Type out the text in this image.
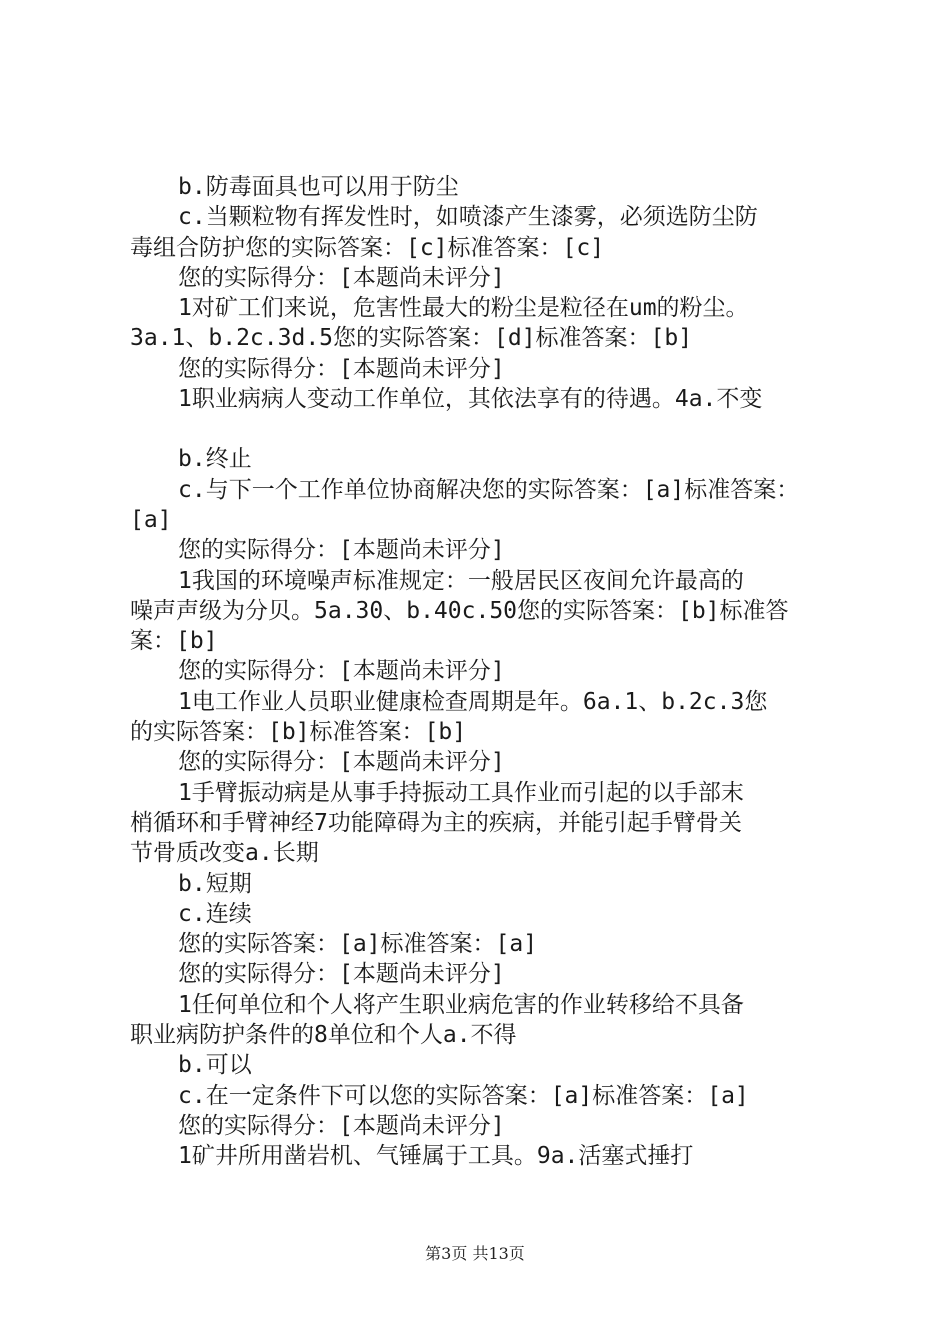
b.防毒面具也可以用于防尘

c.当颗粒物有挥发性时，如喷漆产生漆雾，必须选防尘防

毒组合防护您的实际答案：[c]标准答案：[c]

您的实际得分：[本题尚未评分]

1对矿工们来说，危害性最大的粉尘是粒径在um的粉尘。

3a.1、b.2c.3d.5您的实际答案：[d]标准答案：[b]

您的实际得分：[本题尚未评分]

1职业病病人变动工作单位，其依法享有的待遇。4a.不变

b.终止

c.与下一个工作单位协商解决您的实际答案：[a]标准答案：

[a]

您的实际得分：[本题尚未评分]

1我国的环境噪声标准规定：一般居民区夜间允许最高的

噪声声级为分贝。5a.30、b.40c.50您的实际答案：[b]标准答

案：[b]

您的实际得分：[本题尚未评分]

1电工作业人员职业健康检查周期是年。6a.1、b.2c.3您

的实际答案：[b]标准答案：[b]

您的实际得分：[本题尚未评分]

1手臂振动病是从事手持振动工具作业而引起的以手部末

梢循环和手臂神经7功能障碍为主的疾病，并能引起手臂骨关

节骨质改变a.长期

b.短期

c.连续

您的实际答案：[a]标准答案：[a]

您的实际得分：[本题尚未评分]

1任何单位和个人将产生职业病危害的作业转移给不具备

职业病防护条件的8单位和个人a.不得

b.可以

c.在一定条件下可以您的实际答案：[a]标准答案：[a]

您的实际得分：[本题尚未评分]

1矿井所用凿岩机、气锤属于工具。9a.活塞式捶打

第3页 共13页
